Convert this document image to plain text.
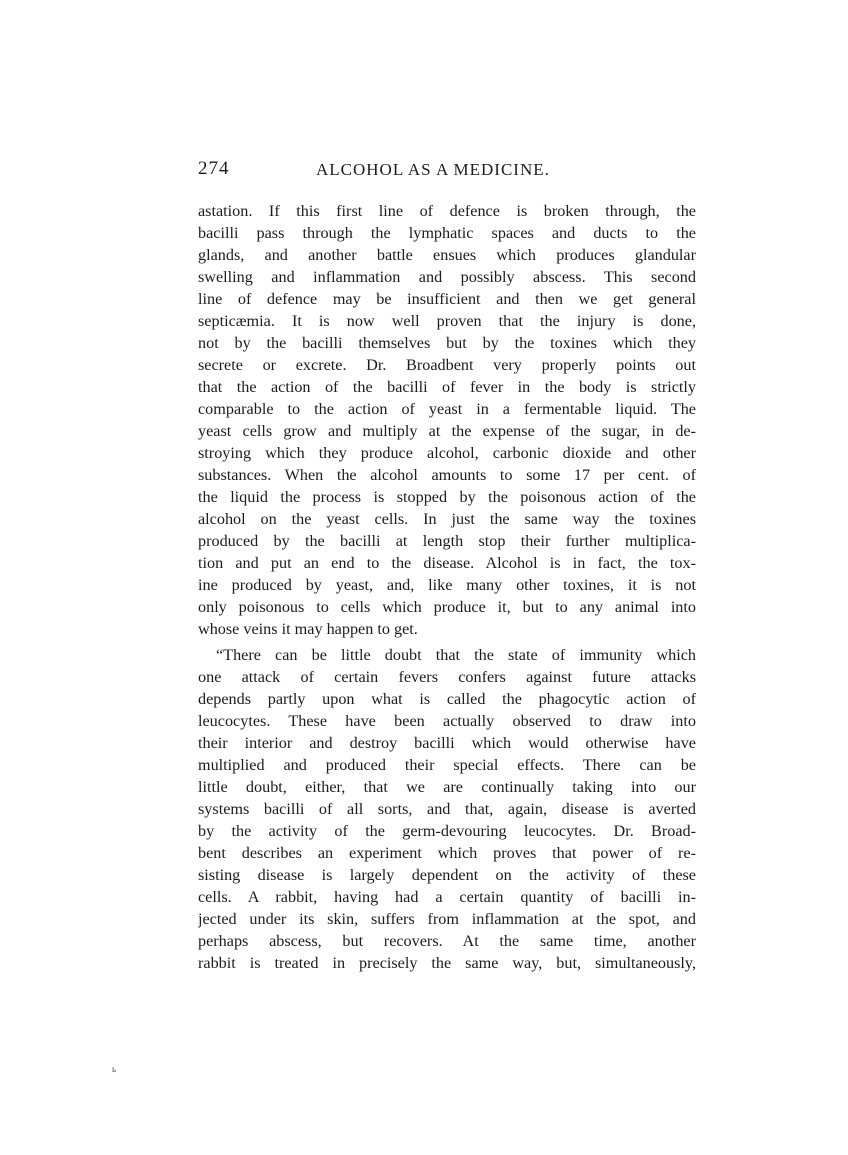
274	ALCOHOL AS A MEDICINE.
astation. If this first line of defence is broken through, the
bacilli pass through the lymphatic spaces and ducts to the
glands, and another battle ensues which produces glandular
swelling and inflammation and possibly abscess. This second
line of defence may be insufficient and then we get general
septicæmia. It is now well proven that the injury is done,
not by the bacilli themselves but by the toxines which they
secrete or excrete. Dr. Broadbent very properly points out
that the action of the bacilli of fever in the body is strictly
comparable to the action of yeast in a fermentable liquid. The
yeast cells grow and multiply at the expense of the sugar, in de-
stroying which they produce alcohol, carbonic dioxide and other
substances. When the alcohol amounts to some 17 per cent. of
the liquid the process is stopped by the poisonous action of the
alcohol on the yeast cells. In just the same way the toxines
produced by the bacilli at length stop their further multiplica-
tion and put an end to the disease. Alcohol is in fact, the tox-
ine produced by yeast, and, like many other toxines, it is not
only poisonous to cells which produce it, but to any animal into
whose veins it may happen to get.
“There can be little doubt that the state of immunity which
one attack of certain fevers confers against future attacks
depends partly upon what is called the phagocytic action of
leucocytes. These have been actually observed to draw into
their interior and destroy bacilli which would otherwise have
multiplied and produced their special effects. There can be
little doubt, either, that we are continually taking into our
systems bacilli of all sorts, and that, again, disease is averted
by the activity of the germ-devouring leucocytes. Dr. Broad-
bent describes an experiment which proves that power of re-
sisting disease is largely dependent on the activity of these
cells. A rabbit, having had a certain quantity of bacilli in-
jected under its skin, suffers from inflammation at the spot, and
perhaps abscess, but recovers. At the same time, another
rabbit is treated in precisely the same way, but, simultaneously,
ь
